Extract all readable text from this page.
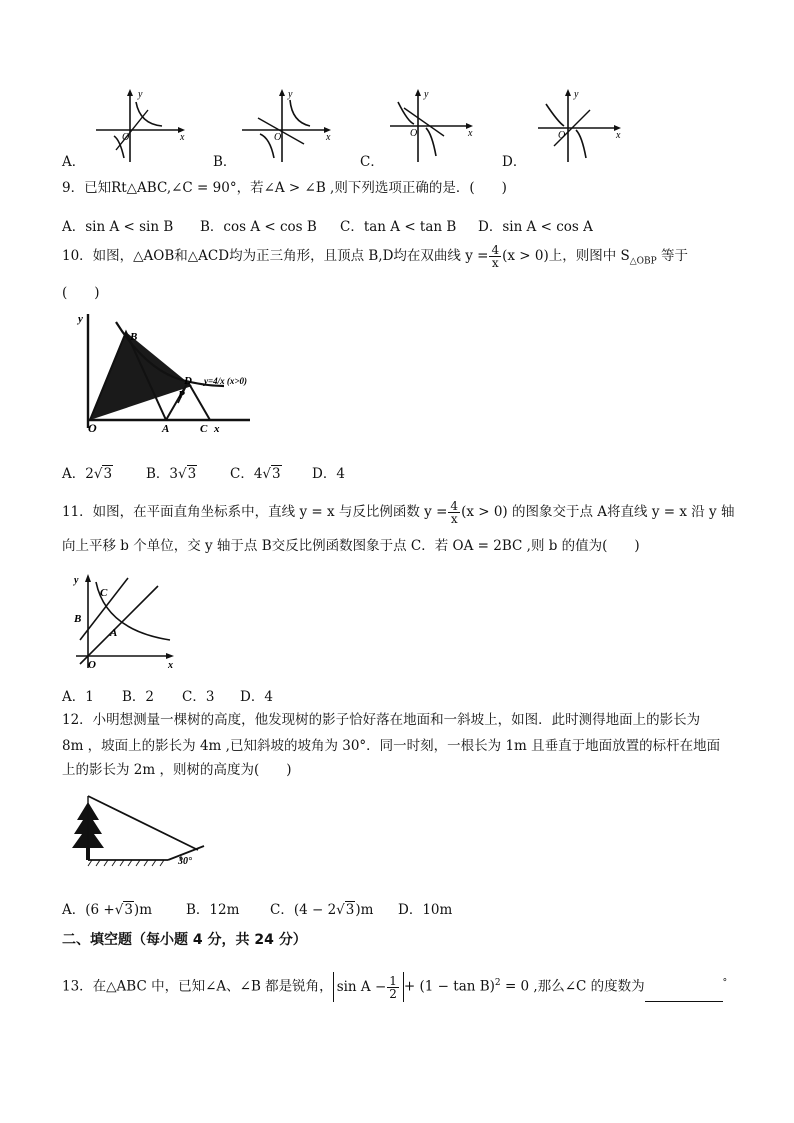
y
x
O
y
x
O
y
x
O
y
x
O
A．	B．	C．	D．
9．已知Rt△ABC,∠C = 90°，若∠A > ∠B ,则下列选项正确的是．(　　)
A．sin A < sin B B．cos A < cos B C．tan A < tan B D．sin A < cos A
10．如图，△AOB和△ACD均为正三角形，且顶点 B,D均在双曲线 $y = \frac{4}{x} (x > 0)$上，则图中 $S_{\triangle OBP}$ 等于
(　　)
y
B
D
P
O	A	C x
y=4/x (x>0)
A．2√3	B．3√3	C．4√3 D．4
11．如图，在平面直角坐标系中，直线 y = x 与反比例函数 $y = \frac{4}{x} (x > 0)$ 的图象交于点 A将直线 y = x 沿 y 轴
向上平移 b 个单位，交 y 轴于点 B交反比例函数图象于点 C．若 OA = 2BC ,则 b 的值为(　　)
y
C
B
A
O	x
A．1 B．2 C．3 D．4
12．小明想测量一棵树的高度，他发现树的影子恰好落在地面和一斜坡上，如图．此时测得地面上的影长为
8m ，坡面上的影长为 4m ,已知斜坡的坡角为 30°．同一时刻，一根长为 1m 且垂直于地面放置的标杆在地面
上的影长为 2m ，则树的高度为(　　)
30°
A．(6 +√3)m	B．12m C．(4 − 2√3)m D．10m
二、填空题（每小题 4 分，共 24 分）
13．在△ABC 中，已知∠A、∠B 都是锐角， $\sin A - \frac{1}{2} + (1 - \tan B)^2 = 0$ ,那么∠C 的度数为	°
